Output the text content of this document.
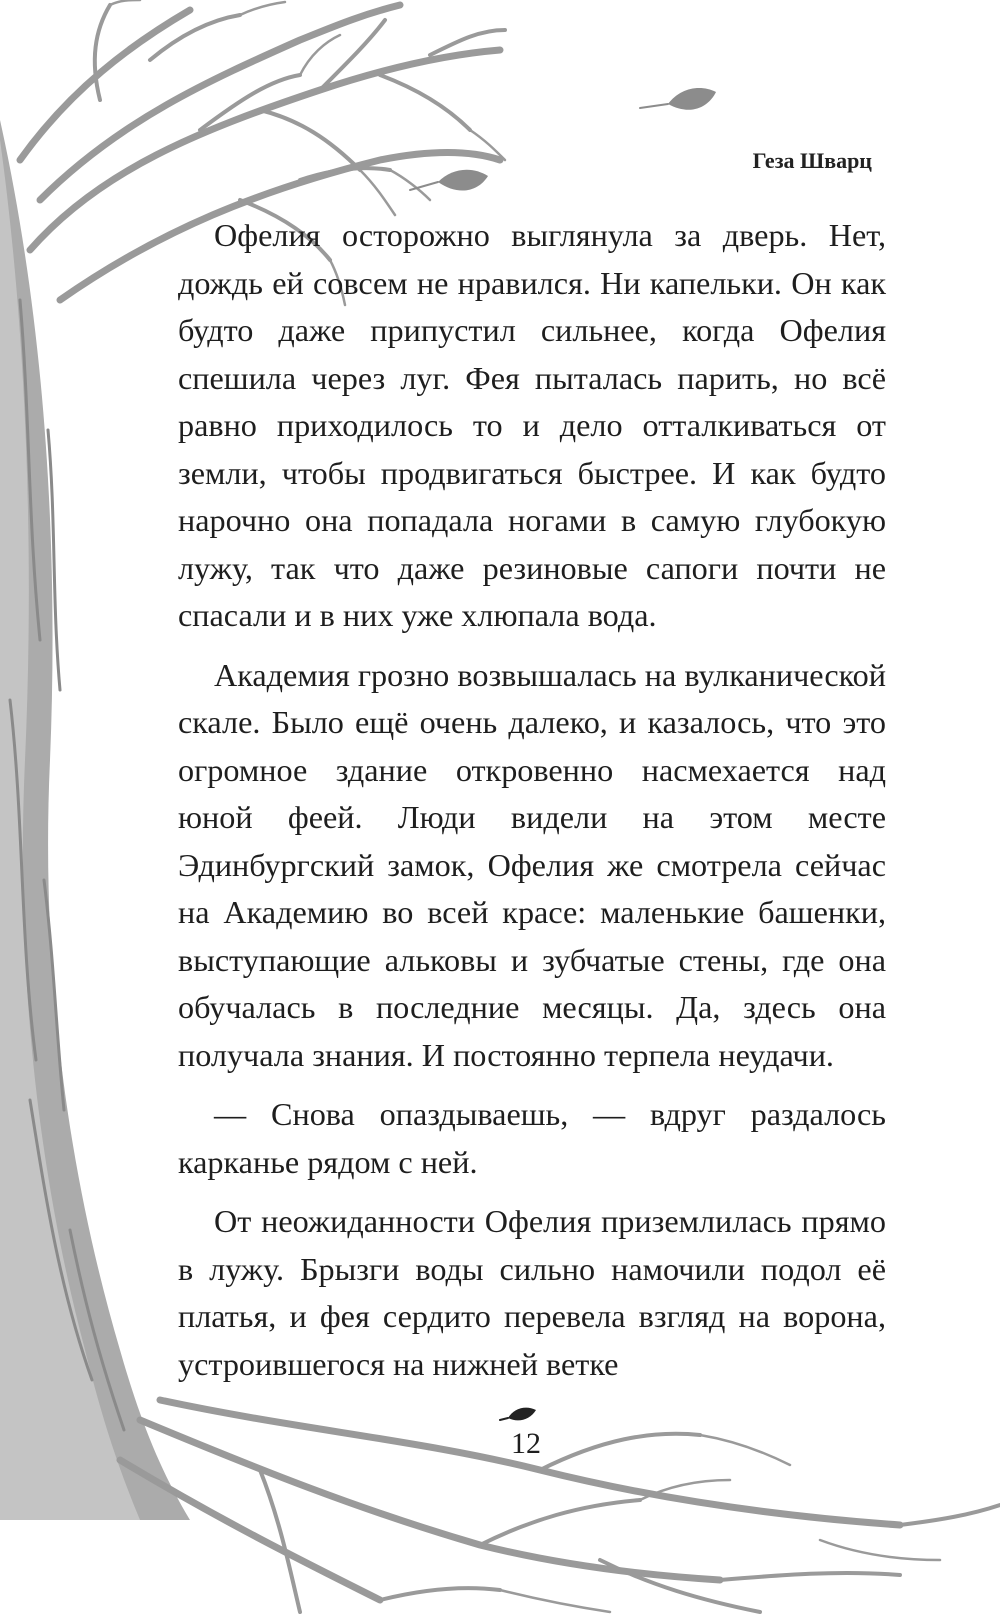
Геза Шварц

Офелия осторожно выглянула за дверь. Нет, дождь ей совсем не нравился. Ни капельки. Он как будто даже припустил сильнее, когда Офелия спешила через луг. Фея пыталась парить, но всё равно приходилось то и дело отталкиваться от земли, чтобы продвигаться быстрее. И как будто нарочно она попадала ногами в самую глубокую лужу, так что даже резиновые сапоги почти не спасали и в них уже хлюпала вода.

Академия грозно возвышалась на вулканической скале. Было ещё очень далеко, и казалось, что это огромное здание откровенно насмехается над юной феей. Люди видели на этом месте Эдинбургский замок, Офелия же смотрела сейчас на Академию во всей красе: маленькие башенки, выступающие альковы и зубчатые стены, где она обучалась в последние месяцы. Да, здесь она получала знания. И постоянно терпела неудачи.

— Снова опаздываешь, — вдруг раздалось карканье рядом с ней.

От неожиданности Офелия приземлилась прямо в лужу. Брызги воды сильно намочили подол её платья, и фея сердито перевела взгляд на ворона, устроившегося на нижней ветке

12
